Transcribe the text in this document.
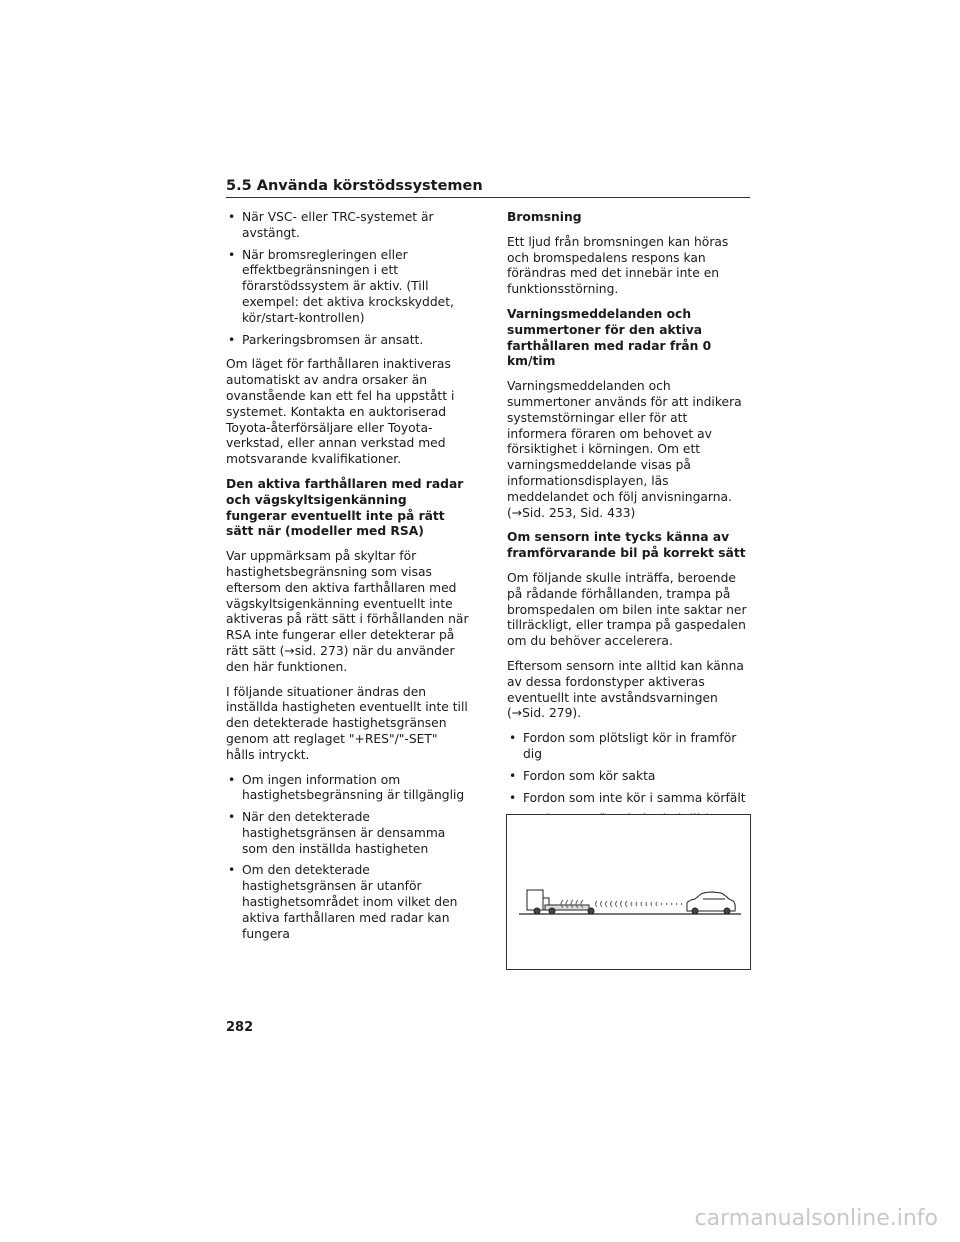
5.5 Använda körstödssystemen
• När VSC- eller TRC-systemet är avstängt.
• När bromsregleringen eller effektbegränsningen i ett förarstödssystem är aktiv. (Till exempel: det aktiva krockskyddet, kör/start-kontrollen)
• Parkeringsbromsen är ansatt.

Om läget för farthållaren inaktiveras automatiskt av andra orsaker än ovanstående kan ett fel ha uppstått i systemet. Kontakta en auktoriserad Toyota-återförsäljare eller Toyota-verkstad, eller annan verkstad med motsvarande kvalifikationer.

Den aktiva farthållaren med radar och vägskyltsigenkänning fungerar eventuellt inte på rätt sätt när (modeller med RSA)

Var uppmärksam på skyltar för hastighetsbegränsning som visas eftersom den aktiva farthållaren med vägskyltsigenkänning eventuellt inte aktiveras på rätt sätt i förhållanden när RSA inte fungerar eller detekterar på rätt sätt (→sid. 273) när du använder den här funktionen.

I följande situationer ändras den inställda hastigheten eventuellt inte till den detekterade hastighetsgränsen genom att reglaget "+RES"/"-SET" hålls intryckt.

• Om ingen information om hastighetsbegränsning är tillgänglig
• När den detekterade hastighetsgränsen är densamma som den inställda hastigheten
• Om den detekterade hastighetsgränsen är utanför hastighetsområdet inom vilket den aktiva farthållaren med radar kan fungera

Bromsning

Ett ljud från bromsningen kan höras och bromspedalens respons kan förändras med det innebär inte en funktionsstörning.

Varningsmeddelanden och summertoner för den aktiva farthållaren med radar från 0 km/tim

Varningsmeddelanden och summertoner används för att indikera systemstörningar eller för att informera föraren om behovet av försiktighet i körningen. Om ett varningsmeddelande visas på informationsdisplayen, läs meddelandet och följ anvisningarna. (→Sid. 253, Sid. 433)

Om sensorn inte tycks känna av framförvarande bil på korrekt sätt

Om följande skulle inträffa, beroende på rådande förhållanden, trampa på bromspedalen om bilen inte saktar ner tillräckligt, eller trampa på gaspedalen om du behöver accelerera.

Eftersom sensorn inte alltid kan känna av dessa fordonstyper aktiveras eventuellt inte avståndsvarningen (→Sid. 279).

• Fordon som plötsligt kör in framför dig
• Fordon som kör sakta
• Fordon som inte kör i samma körfält
•
282
carmanualsonline.info
